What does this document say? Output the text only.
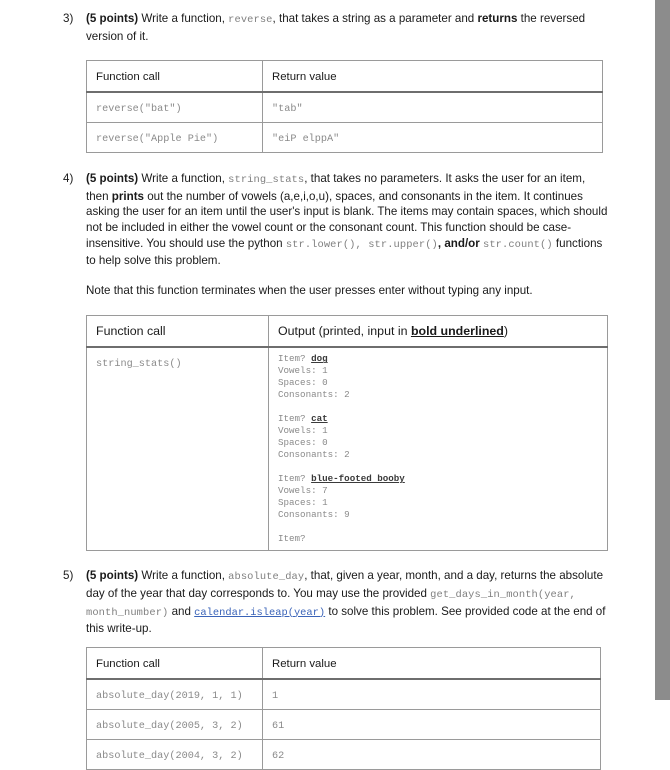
3) (5 points) Write a function, reverse, that takes a string as a parameter and returns the reversed version of it.
Function call	Return value
reverse("bat")	"tab"
reverse("Apple Pie")	"eiP elppA"
4) (5 points) Write a function, string_stats, that takes no parameters. It asks the user for an item, then prints out the number of vowels (a,e,i,o,u), spaces, and consonants in the item. It continues asking the user for an item until the user's input is blank. The items may contain spaces, which should not be included in either the vowel count or the consonant count. This function should be case-insensitive. You should use the python str.lower(), str.upper(), and/or str.count() functions to help solve this problem.
Note that this function terminates when the user presses enter without typing any input.
Function call	Output (printed, input in bold underlined)
string_stats()	
Item? dog
Vowels: 1
Spaces: 0
Consonants: 2

Item? cat
Vowels: 1
Spaces: 0
Consonants: 2

Item? blue-footed booby
Vowels: 7
Spaces: 1
Consonants: 9

Item?
5) (5 points) Write a function, absolute_day, that, given a year, month, and a day, returns the absolute day of the year that day corresponds to. You may use the provided get_days_in_month(year, month_number) and calendar.isleap(year) to solve this problem. See provided code at the end of this write-up.
Function call	Return value
absolute_day(2019, 1, 1)	1
absolute_day(2005, 3, 2)	61
absolute_day(2004, 3, 2)	62
